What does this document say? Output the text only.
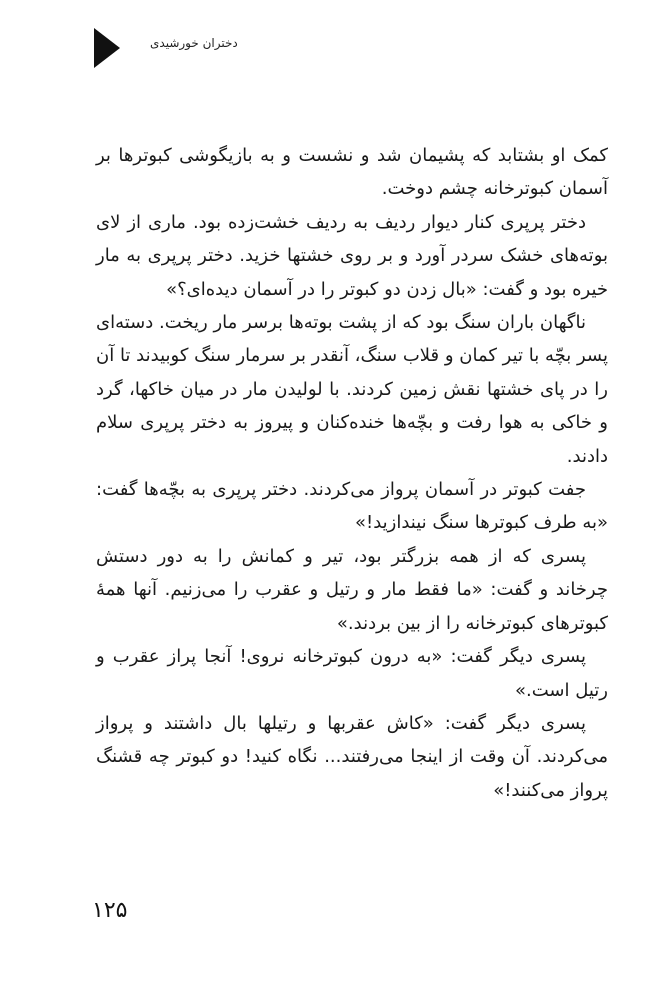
دختران خورشیدی

کمک او بشتابد که پشیمان شد و نشست و به بازیگوشی کبوترها بر آسمان کبوترخانه چشم دوخت.

دختر پرپری کنار دیوار ردیف به ردیف خشت‌زده بود. ماری از لای بوته‌های خشک سردر آورد و بر روی خشتها خزید. دختر پرپری به مار خیره بود و گفت: «بال زدن دو کبوتر را در آسمان دیده‌ای؟»

ناگهان باران سنگ بود که از پشت بوته‌ها برسر مار ریخت. دسته‌ای پسر بچّه با تیر کمان و قلاب سنگ، آنقدر بر سرمار سنگ کوبیدند تا آن را در پای خشتها نقش زمین کردند. با لولیدن مار در میان خاکها، گرد و خاکی به هوا رفت و بچّه‌ها خنده‌کنان و پیروز به دختر پرپری سلام دادند.

جفت کبوتر در آسمان پرواز می‌کردند. دختر پرپری به بچّه‌ها گفت: «به طرف کبوترها سنگ نیندازید!»

پسری که از همه بزرگتر بود، تیر و کمانش را به دور دستش چرخاند و گفت: «ما فقط مار و رتیل و عقرب را می‌زنیم. آنها همهٔ کبوترهای کبوترخانه را از بین بردند.»

پسری دیگر گفت: «به درون کبوترخانه نروی! آنجا پراز عقرب و رتیل است.»

پسری دیگر گفت: «کاش عقربها و رتیلها بال داشتند و پرواز می‌کردند. آن وقت از اینجا می‌رفتند... نگاه کنید! دو کبوتر چه قشنگ پرواز می‌کنند!»

۱۲۵
